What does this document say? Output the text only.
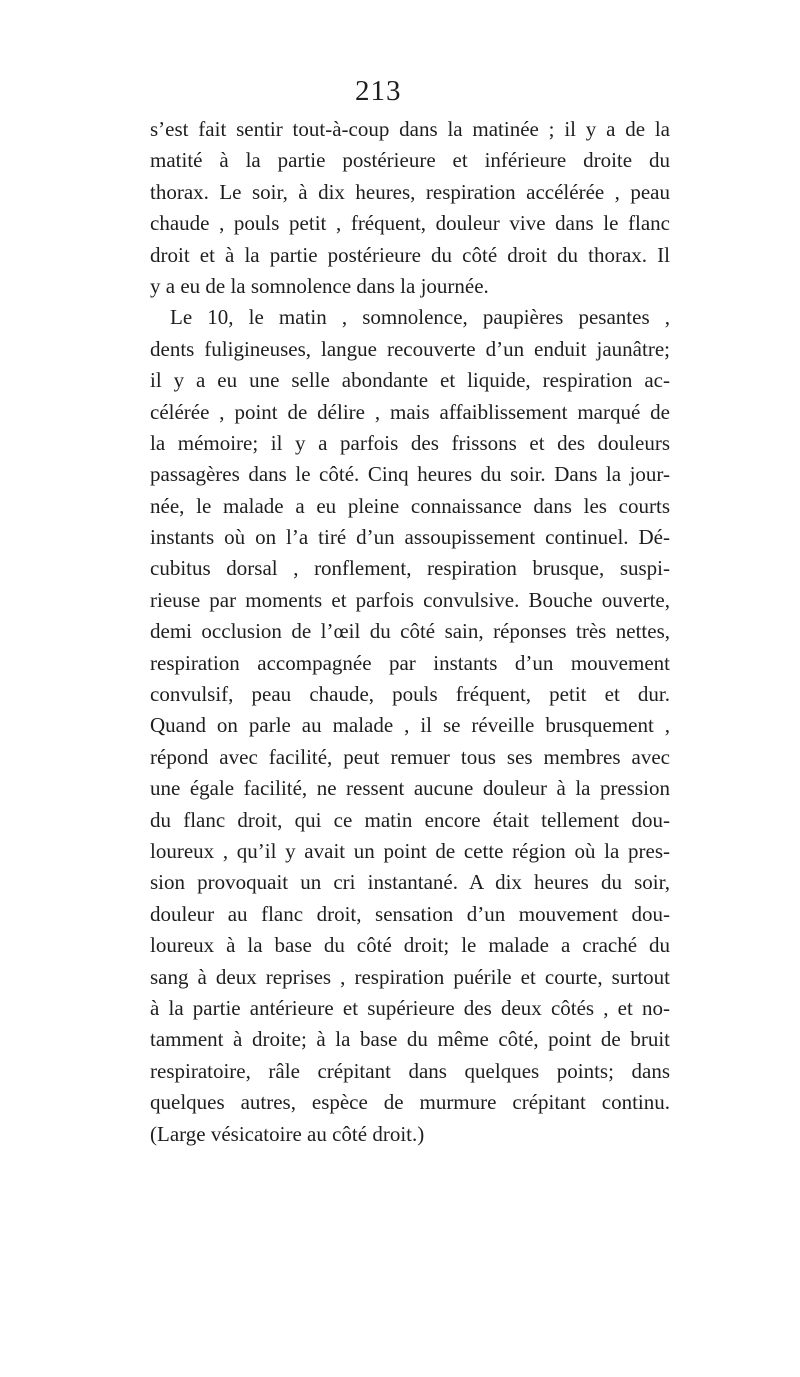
213
s’est fait sentir tout-à-coup dans la matinée ; il y a de la
matité à la partie postérieure et inférieure droite du
thorax. Le soir, à dix heures, respiration accélérée , peau
chaude , pouls petit , fréquent, douleur vive dans le flanc
droit et à la partie postérieure du côté droit du thorax. Il
y a eu de la somnolence dans la journée.
Le 10, le matin , somnolence, paupières pesantes ,
dents fuligineuses, langue recouverte d’un enduit jaunâtre;
il y a eu une selle abondante et liquide, respiration ac-
célérée , point de délire , mais affaiblissement marqué de
la mémoire; il y a parfois des frissons et des douleurs
passagères dans le côté. Cinq heures du soir. Dans la jour-
née, le malade a eu pleine connaissance dans les courts
instants où on l’a tiré d’un assoupissement continuel. Dé-
cubitus dorsal , ronflement, respiration brusque, suspi-
rieuse par moments et parfois convulsive. Bouche ouverte,
demi occlusion de l’œil du côté sain, réponses très nettes,
respiration accompagnée par instants d’un mouvement
convulsif, peau chaude, pouls fréquent, petit et dur.
Quand on parle au malade , il se réveille brusquement ,
répond avec facilité, peut remuer tous ses membres avec
une égale facilité, ne ressent aucune douleur à la pression
du flanc droit, qui ce matin encore était tellement dou-
loureux , qu’il y avait un point de cette région où la pres-
sion provoquait un cri instantané. A dix heures du soir,
douleur au flanc droit, sensation d’un mouvement dou-
loureux à la base du côté droit; le malade a craché du
sang à deux reprises , respiration puérile et courte, surtout
à la partie antérieure et supérieure des deux côtés , et no-
tamment à droite; à la base du même côté, point de bruit
respiratoire, râle crépitant dans quelques points; dans
quelques autres, espèce de murmure crépitant continu.
(Large vésicatoire au côté droit.)
